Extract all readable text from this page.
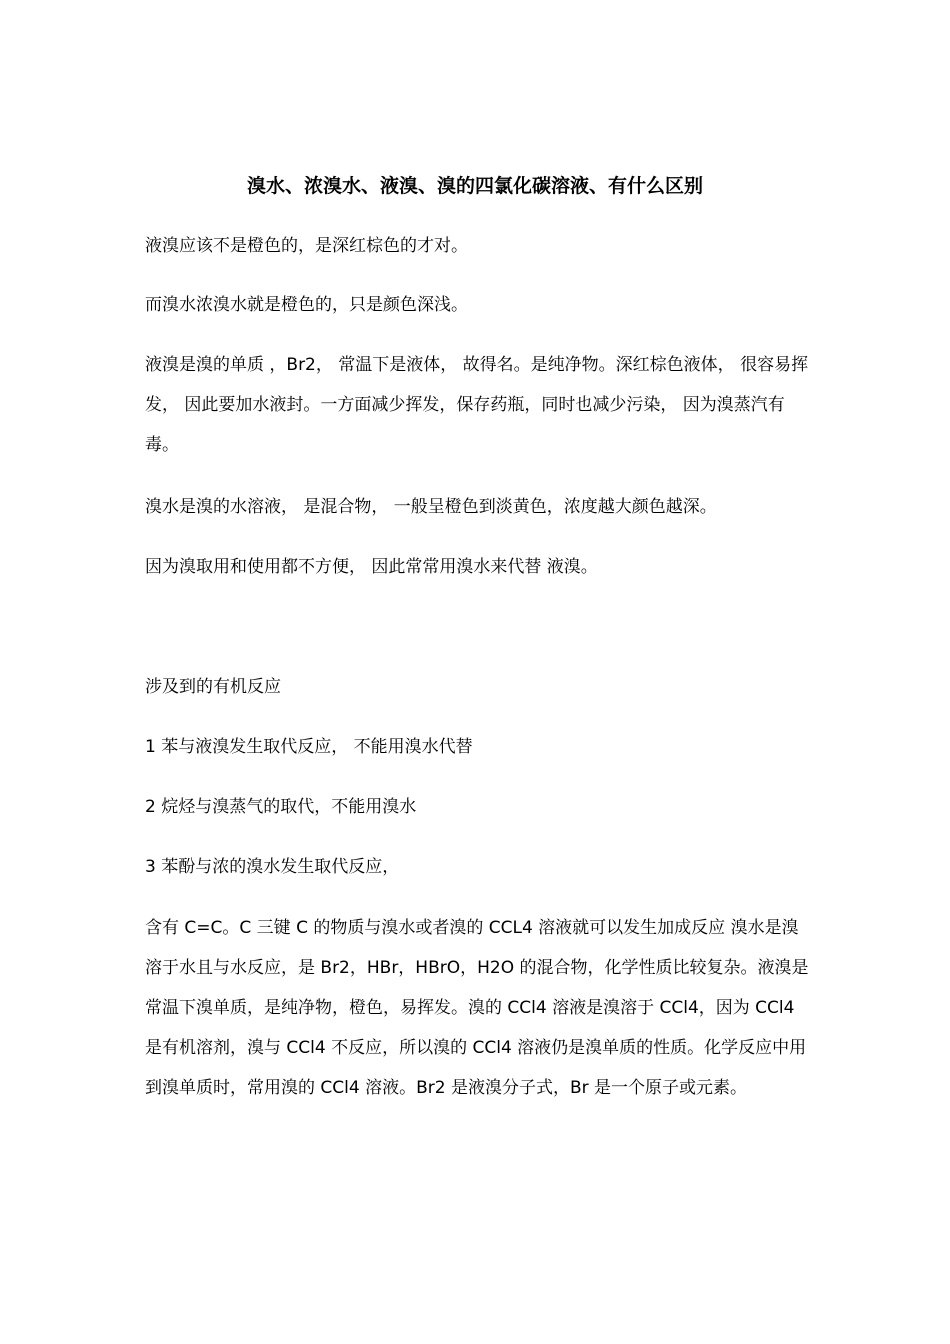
溴水、浓溴水、液溴、溴的四氯化碳溶液、有什么区别

液溴应该不是橙色的，是深红棕色的才对。

而溴水浓溴水就是橙色的，只是颜色深浅。

液溴是溴的单质 ，Br2， 常温下是液体， 故得名。是纯净物。深红棕色液体， 很容易挥发， 因此要加水液封。一方面减少挥发，保存药瓶，同时也减少污染， 因为溴蒸汽有毒。

溴水是溴的水溶液， 是混合物， 一般呈橙色到淡黄色，浓度越大颜色越深。

因为溴取用和使用都不方便， 因此常常用溴水来代替 液溴。

涉及到的有机反应

1 苯与液溴发生取代反应， 不能用溴水代替

2 烷烃与溴蒸气的取代，不能用溴水

3 苯酚与浓的溴水发生取代反应，

含有 C=C。C 三键 C 的物质与溴水或者溴的 CCL4 溶液就可以发生加成反应 溴水是溴溶于水且与水反应，是 Br2，HBr，HBrO，H2O 的混合物，化学性质比较复杂。液溴是常温下溴单质，是纯净物，橙色，易挥发。溴的 CCl4 溶液是溴溶于 CCl4，因为 CCl4 是有机溶剂，溴与 CCl4 不反应，所以溴的 CCl4 溶液仍是溴单质的性质。化学反应中用到溴单质时，常用溴的 CCl4 溶液。Br2 是液溴分子式，Br 是一个原子或元素。
